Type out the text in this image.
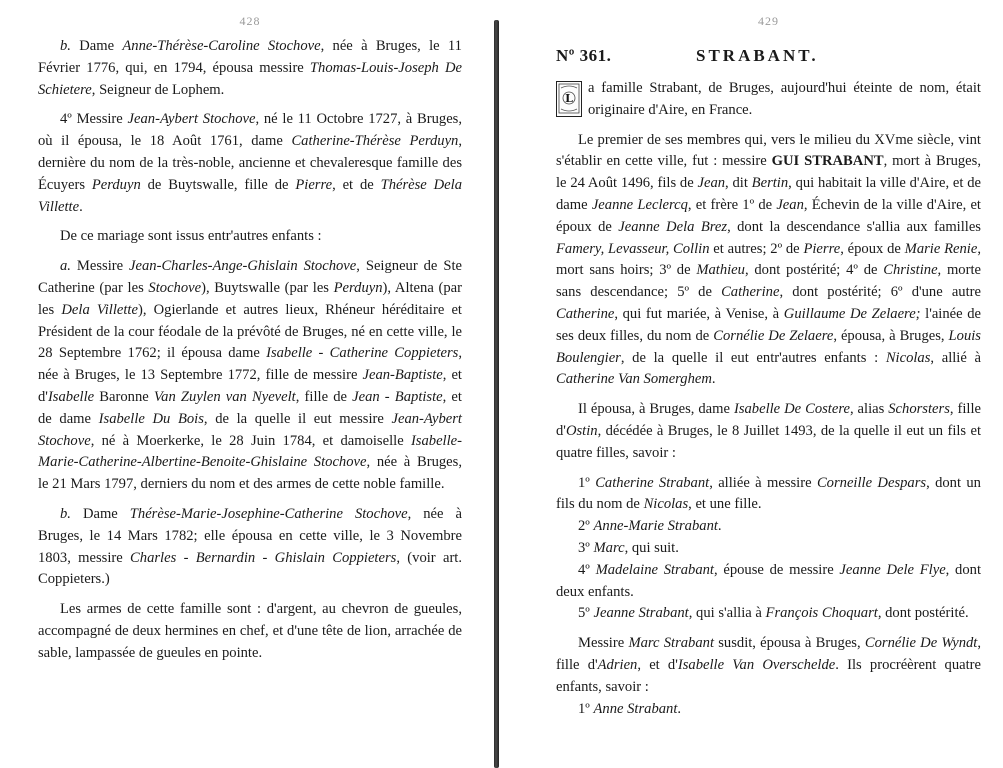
428

b. Dame Anne-Thérèse-Caroline Stochove, née à Bruges, le 11 Février 1776, qui, en 1794, épousa messire Thomas-Louis-Joseph De Schietere, Seigneur de Lophem.

4º Messire Jean-Aybert Stochove, né le 11 Octobre 1727, à Bruges, où il épousa, le 18 Août 1761, dame Catherine-Thérèse Perduyn, dernière du nom de la très-noble, ancienne et chevaleresque famille des Écuyers Perduyn de Buytswalle, fille de Pierre, et de Thérèse Dela Villette.

De ce mariage sont issus entr'autres enfants :

a. Messire Jean-Charles-Ange-Ghislain Stochove, Seigneur de Ste Catherine (par les Stochove), Buytswalle (par les Perduyn), Altena (par les Dela Villette), Ogierlande et autres lieux, Rhéneur héréditaire et Président de la cour féodale de la prévôté de Bruges, né en cette ville, le 28 Septembre 1762; il épousa dame Isabelle - Catherine Coppieters, née à Bruges, le 13 Septembre 1772, fille de messire Jean-Baptiste, et d'Isabelle Baronne Van Zuylen van Nyevelt, fille de Jean - Baptiste, et de dame Isabelle Du Bois, de la quelle il eut messire Jean-Aybert Stochove, né à Moerkerke, le 28 Juin 1784, et damoiselle Isabelle-Marie-Catherine-Albertine-Benoite-Ghislaine Stochove, née à Bruges, le 21 Mars 1797, derniers du nom et des armes de cette noble famille.

b. Dame Thérèse-Marie-Josephine-Catherine Stochove, née à Bruges, le 14 Mars 1782; elle épousa en cette ville, le 3 Novembre 1803, messire Charles - Bernardin - Ghislain Coppieters, (voir art. Coppieters.)

Les armes de cette famille sont : d'argent, au chevron de gueules, accompagné de deux hermines en chef, et d'une tête de lion, arrachée de sable, lampassée de gueules en pointe.

429
Nº 361.	STRABANT.
L

a famille Strabant, de Bruges, aujourd'hui éteinte de nom, était originaire d'Aire, en France.

Le premier de ses membres qui, vers le milieu du XVme siècle, vint s'établir en cette ville, fut : messire GUI STRABANT, mort à Bruges, le 24 Août 1496, fils de Jean, dit Bertin, qui habitait la ville d'Aire, et de dame Jeanne Leclercq, et frère 1º de Jean, Échevin de la ville d'Aire, et époux de Jeanne Dela Brez, dont la descendance s'allia aux familles Famery, Levasseur, Collin et autres; 2º de Pierre, époux de Marie Renie, mort sans hoirs; 3º de Mathieu, dont postérité; 4º de Christine, morte sans descendance; 5º de Catherine, dont postérité; 6º d'une autre Catherine, qui fut mariée, à Venise, à Guillaume De Zelaere; l'ainée de ses deux filles, du nom de Cornélie De Zelaere, épousa, à Bruges, Louis Boulengier, de la quelle il eut entr'autres enfants : Nicolas, allié à Catherine Van Somerghem.

Il épousa, à Bruges, dame Isabelle De Costere, alias Schorsters, fille d'Ostin, décédée à Bruges, le 8 Juillet 1493, de la quelle il eut un fils et quatre filles, savoir :

1º Catherine Strabant, alliée à messire Corneille Despars, dont un fils du nom de Nicolas, et une fille.

2º Anne-Marie Strabant.

3º Marc, qui suit.

4º Madelaine Strabant, épouse de messire Jeanne Dele Flye, dont deux enfants.

5º Jeanne Strabant, qui s'allia à François Choquart, dont postérité.

Messire Marc Strabant susdit, épousa à Bruges, Cornélie De Wyndt, fille d'Adrien, et d'Isabelle Van Overschelde. Ils procréèrent quatre enfants, savoir :

1º Anne Strabant.
